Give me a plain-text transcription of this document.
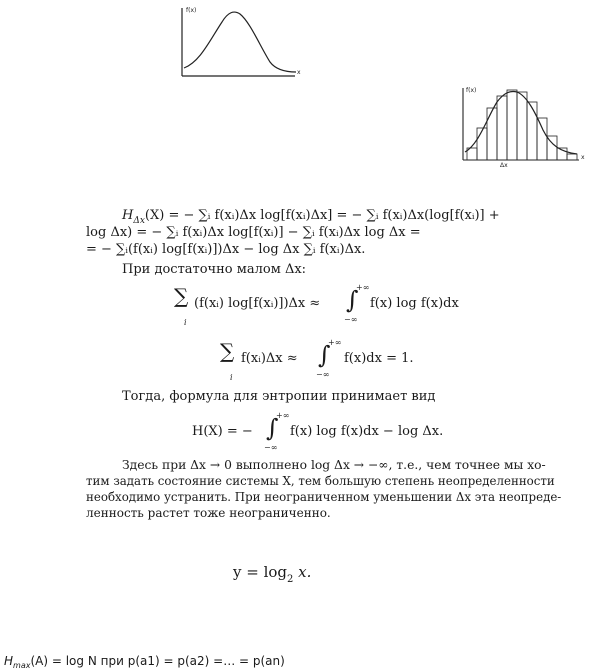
f(x)
x
f(x)
x
Δx
$H_{\Delta x}(X)$ = − ∑ᵢ f(xᵢ)Δx log[f(xᵢ)Δx] = − ∑ᵢ f(xᵢ)Δx(log[f(xᵢ)] +
log Δx) = − ∑ᵢ f(xᵢ)Δx log[f(xᵢ)] − ∑ᵢ f(xᵢ)Δx log Δx =
= − ∑ᵢ(f(xᵢ) log[f(xᵢ)])Δx − log Δx ∑ᵢ f(xᵢ)Δx.
При достаточно малом Δx:
∑
i
(f(xᵢ) log[f(xᵢ)])Δx ≈ ∫
+∞
−∞
f(x) log f(x)dx
∑
i
f(xᵢ)Δx ≈ ∫
+∞
−∞
f(x)dx = 1.
Тогда, формула для энтропии принимает вид
H(X) = − ∫
+∞
−∞
f(x) log f(x)dx − log Δx.
Здесь при Δx → 0 выполнено log Δx → −∞, т.е., чем точнее мы хо-
тим задать состояние системы X, тем большую степень неопределенности
необходимо устранить. При неограниченном уменьшении Δx эта неопреде-
ленность растет тоже неограниченно.
$y = \log_2 x$.
$H_{max}(A) = \log N$ при p(a1) = p(a2) =… = p(an)
